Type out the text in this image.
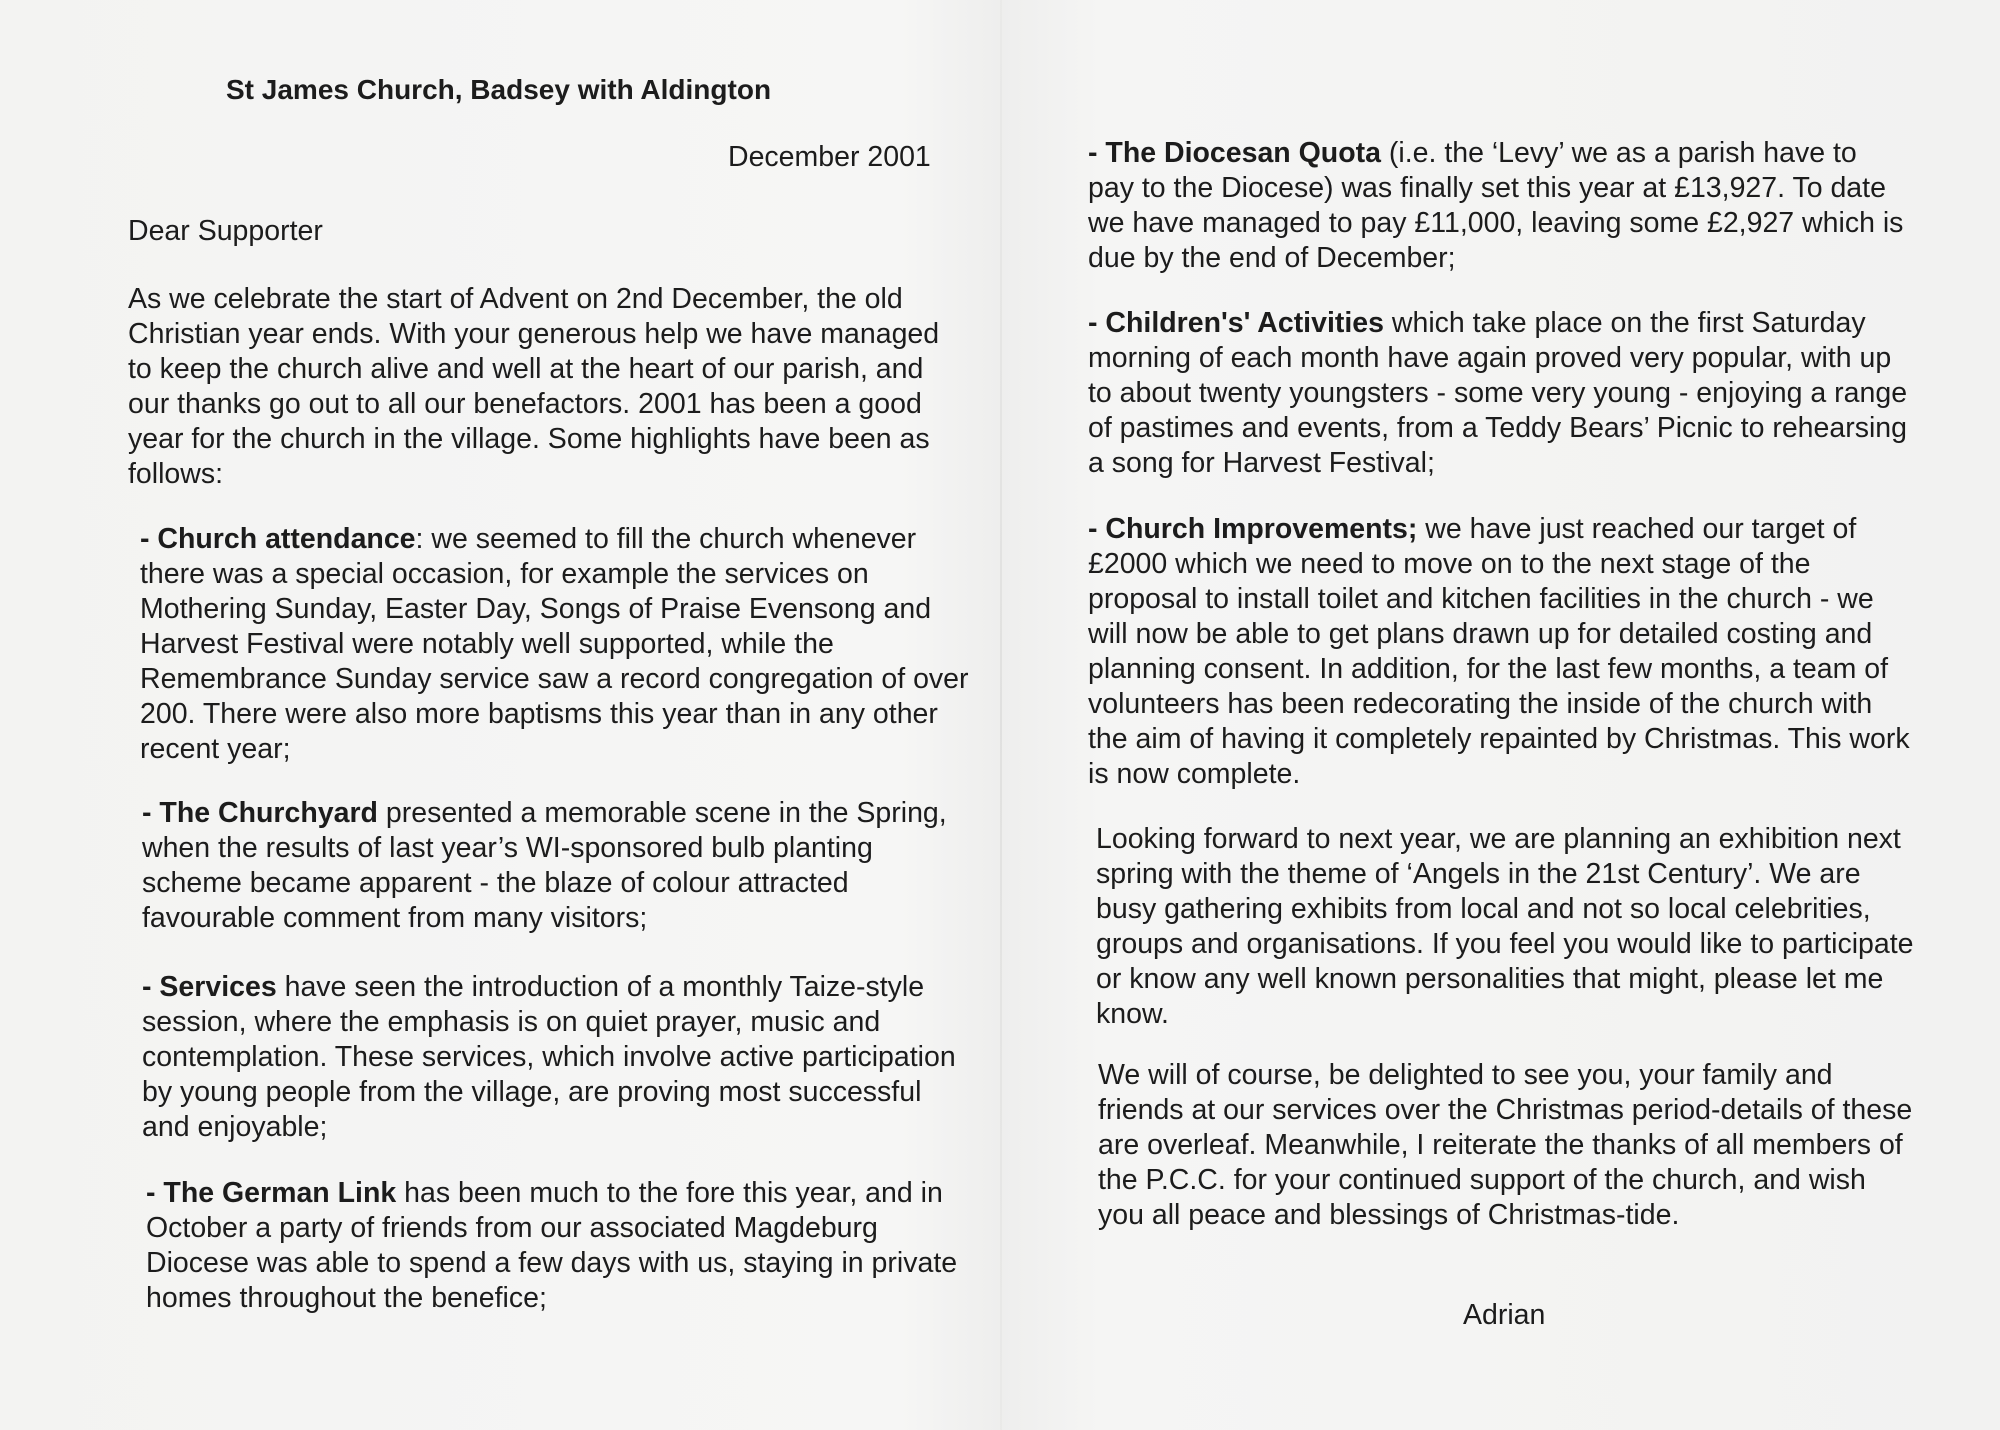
St James Church, Badsey with Aldington
December 2001
Dear Supporter

As we celebrate the start of Advent on 2nd December, the old Christian year ends. With your generous help we have managed to keep the church alive and well at the heart of our parish, and our thanks go out to all our benefactors. 2001 has been a good year for the church in the village. Some highlights have been as follows:

- Church attendance: we seemed to fill the church whenever there was a special occasion, for example the services on Mothering Sunday, Easter Day, Songs of Praise Evensong and Harvest Festival were notably well supported, while the Remembrance Sunday service saw a record congregation of over 200. There were also more baptisms this year than in any other recent year;

- The Churchyard presented a memorable scene in the Spring, when the results of last year’s WI-sponsored bulb planting scheme became apparent - the blaze of colour attracted favourable comment from many visitors;

- Services have seen the introduction of a monthly Taize-style session, where the emphasis is on quiet prayer, music and contemplation. These services, which involve active participation by young people from the village, are proving most successful and enjoyable;

- The German Link has been much to the fore this year, and in October a party of friends from our associated Magdeburg Diocese was able to spend a few days with us, staying in private homes throughout the benefice;

- The Diocesan Quota (i.e. the ‘Levy’ we as a parish have to pay to the Diocese) was finally set this year at £13,927. To date we have managed to pay £11,000, leaving some £2,927 which is due by the end of December;

- Children's' Activities which take place on the first Saturday morning of each month have again proved very popular, with up to about twenty youngsters - some very young - enjoying a range of pastimes and events, from a Teddy Bears’ Picnic to rehearsing a song for Harvest Festival;

- Church Improvements; we have just reached our target of £2000 which we need to move on to the next stage of the proposal to install toilet and kitchen facilities in the church - we will now be able to get plans drawn up for detailed costing and planning consent. In addition, for the last few months, a team of volunteers has been redecorating the inside of the church with the aim of having it completely repainted by Christmas. This work is now complete.

Looking forward to next year, we are planning an exhibition next spring with the theme of ‘Angels in the 21st Century’. We are busy gathering exhibits from local and not so local celebrities, groups and organisations. If you feel you would like to participate or know any well known personalities that might, please let me know.

We will of course, be delighted to see you, your family and friends at our services over the Christmas period-details of these are overleaf. Meanwhile, I reiterate the thanks of all members of the P.C.C. for your continued support of the church, and wish you all peace and blessings of Christmas-tide.

Adrian
